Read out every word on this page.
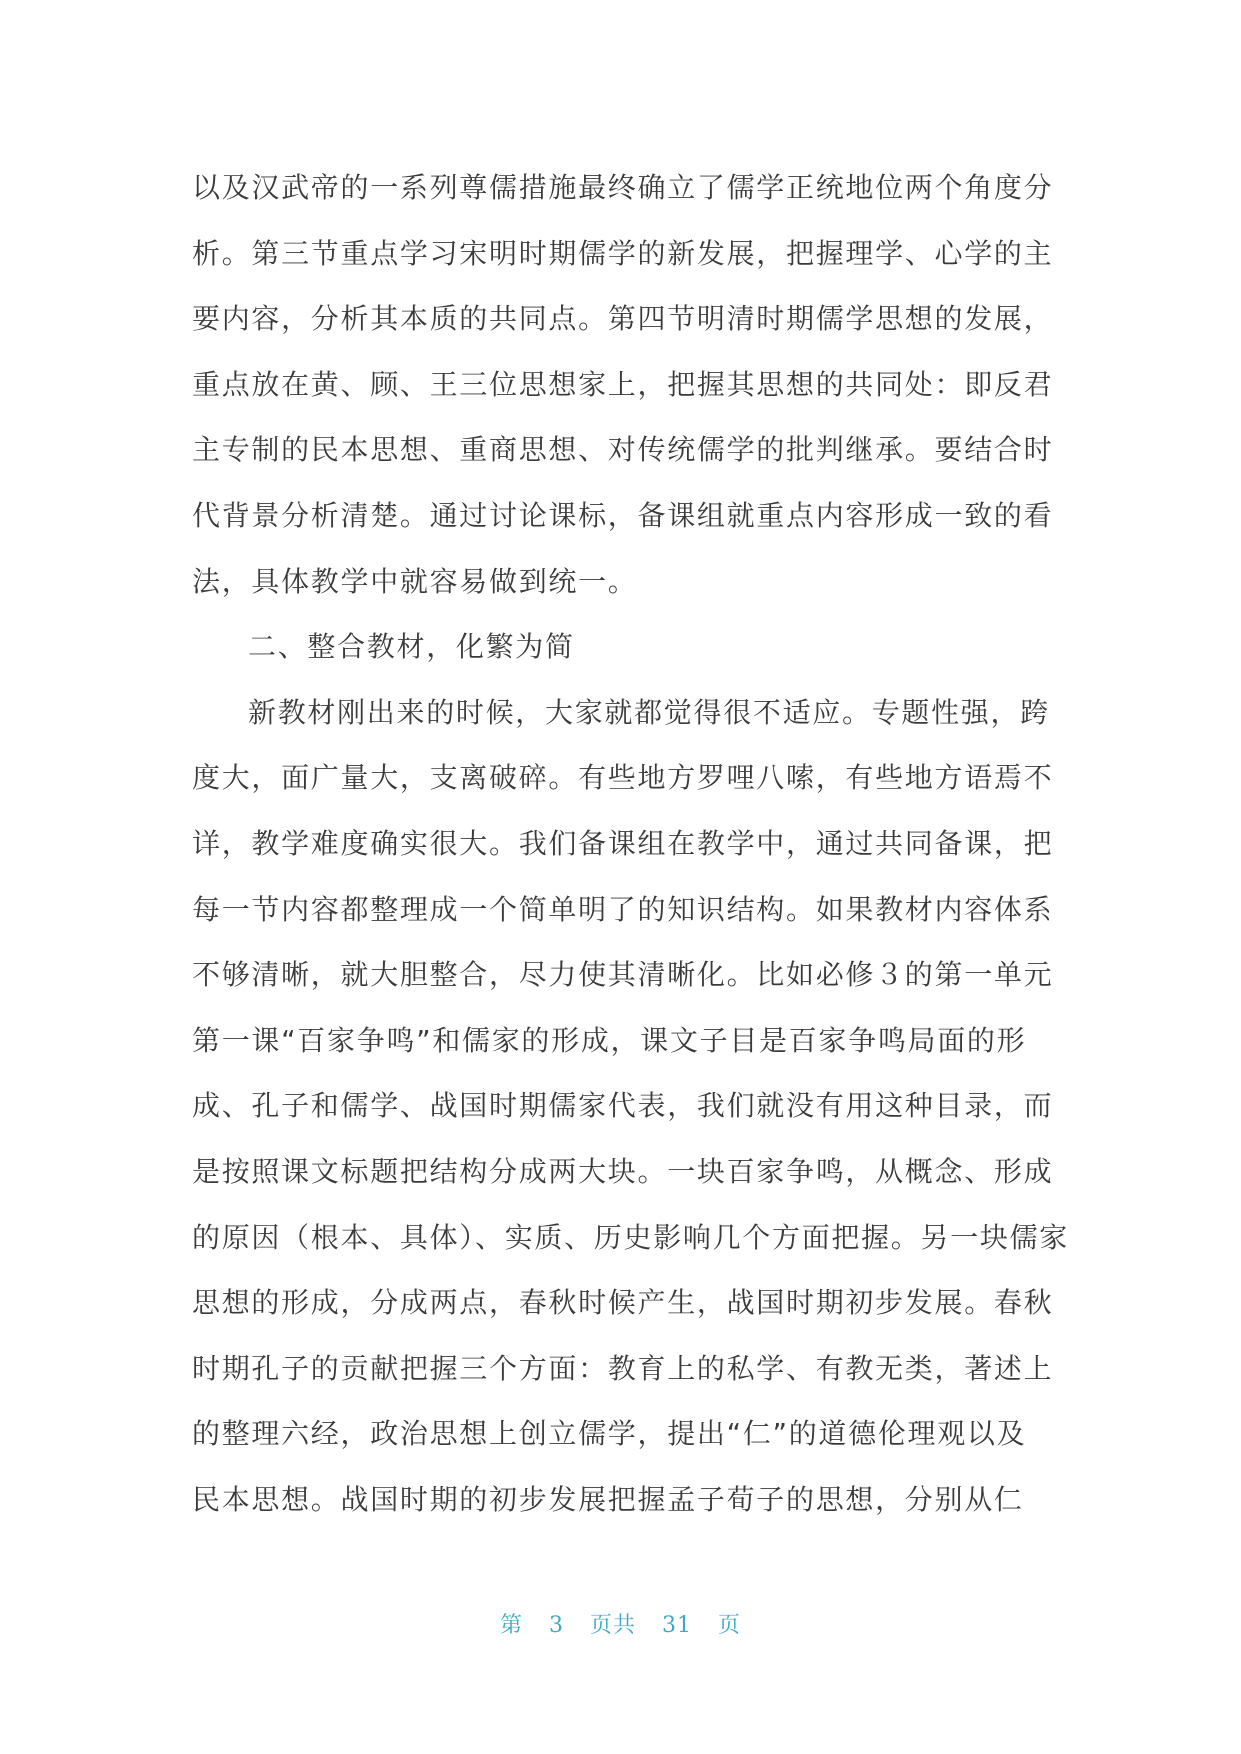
以及汉武帝的一系列尊儒措施最终确立了儒学正统地位两个角度分
析。第三节重点学习宋明时期儒学的新发展，把握理学、心学的主
要内容，分析其本质的共同点。第四节明清时期儒学思想的发展，
重点放在黄、顾、王三位思想家上，把握其思想的共同处：即反君
主专制的民本思想、重商思想、对传统儒学的批判继承。要结合时
代背景分析清楚。通过讨论课标，备课组就重点内容形成一致的看
法，具体教学中就容易做到统一。
二、整合教材，化繁为简
新教材刚出来的时候，大家就都觉得很不适应。专题性强，跨
度大，面广量大，支离破碎。有些地方罗哩八嗦，有些地方语焉不
详，教学难度确实很大。我们备课组在教学中，通过共同备课，把
每一节内容都整理成一个简单明了的知识结构。如果教材内容体系
不够清晰，就大胆整合，尽力使其清晰化。比如必修３的第一单元
第一课“百家争鸣”和儒家的形成，课文子目是百家争鸣局面的形
成、孔子和儒学、战国时期儒家代表，我们就没有用这种目录，而
是按照课文标题把结构分成两大块。一块百家争鸣，从概念、形成
的原因（根本、具体）、实质、历史影响几个方面把握。另一块儒家
思想的形成，分成两点，春秋时候产生，战国时期初步发展。春秋
时期孔子的贡献把握三个方面：教育上的私学、有教无类，著述上
的整理六经，政治思想上创立儒学，提出“仁”的道德伦理观以及
民本思想。战国时期的初步发展把握孟子荀子的思想，分别从仁
第 3 页共 31 页
